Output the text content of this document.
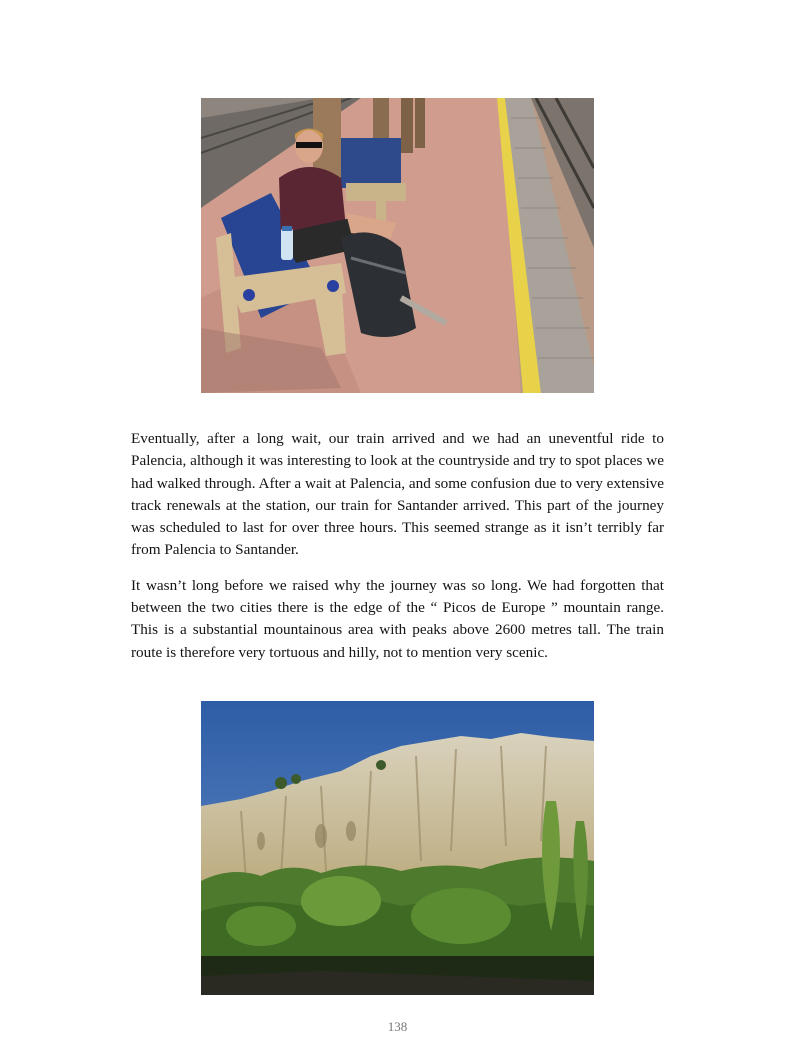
Eventually, after a long wait, our train arrived and we had an uneventful ride to Palencia, although it was interesting to look at the countryside and try to spot places we had walked through. After a wait at Palencia, and some confusion due to very extensive track renewals at the station, our train for Santander arrived. This part of the journey was scheduled to last for over three hours. This seemed strange as it isn’t terribly far from Palencia to Santander.

It wasn’t long before we raised why the journey was so long. We had forgotten that between the two cities there is the edge of the “ Picos de Europe ” mountain range. This is a substantial mountainous area with peaks above 2600 metres tall. The train route is therefore very tortuous and hilly, not to mention very scenic.

138
